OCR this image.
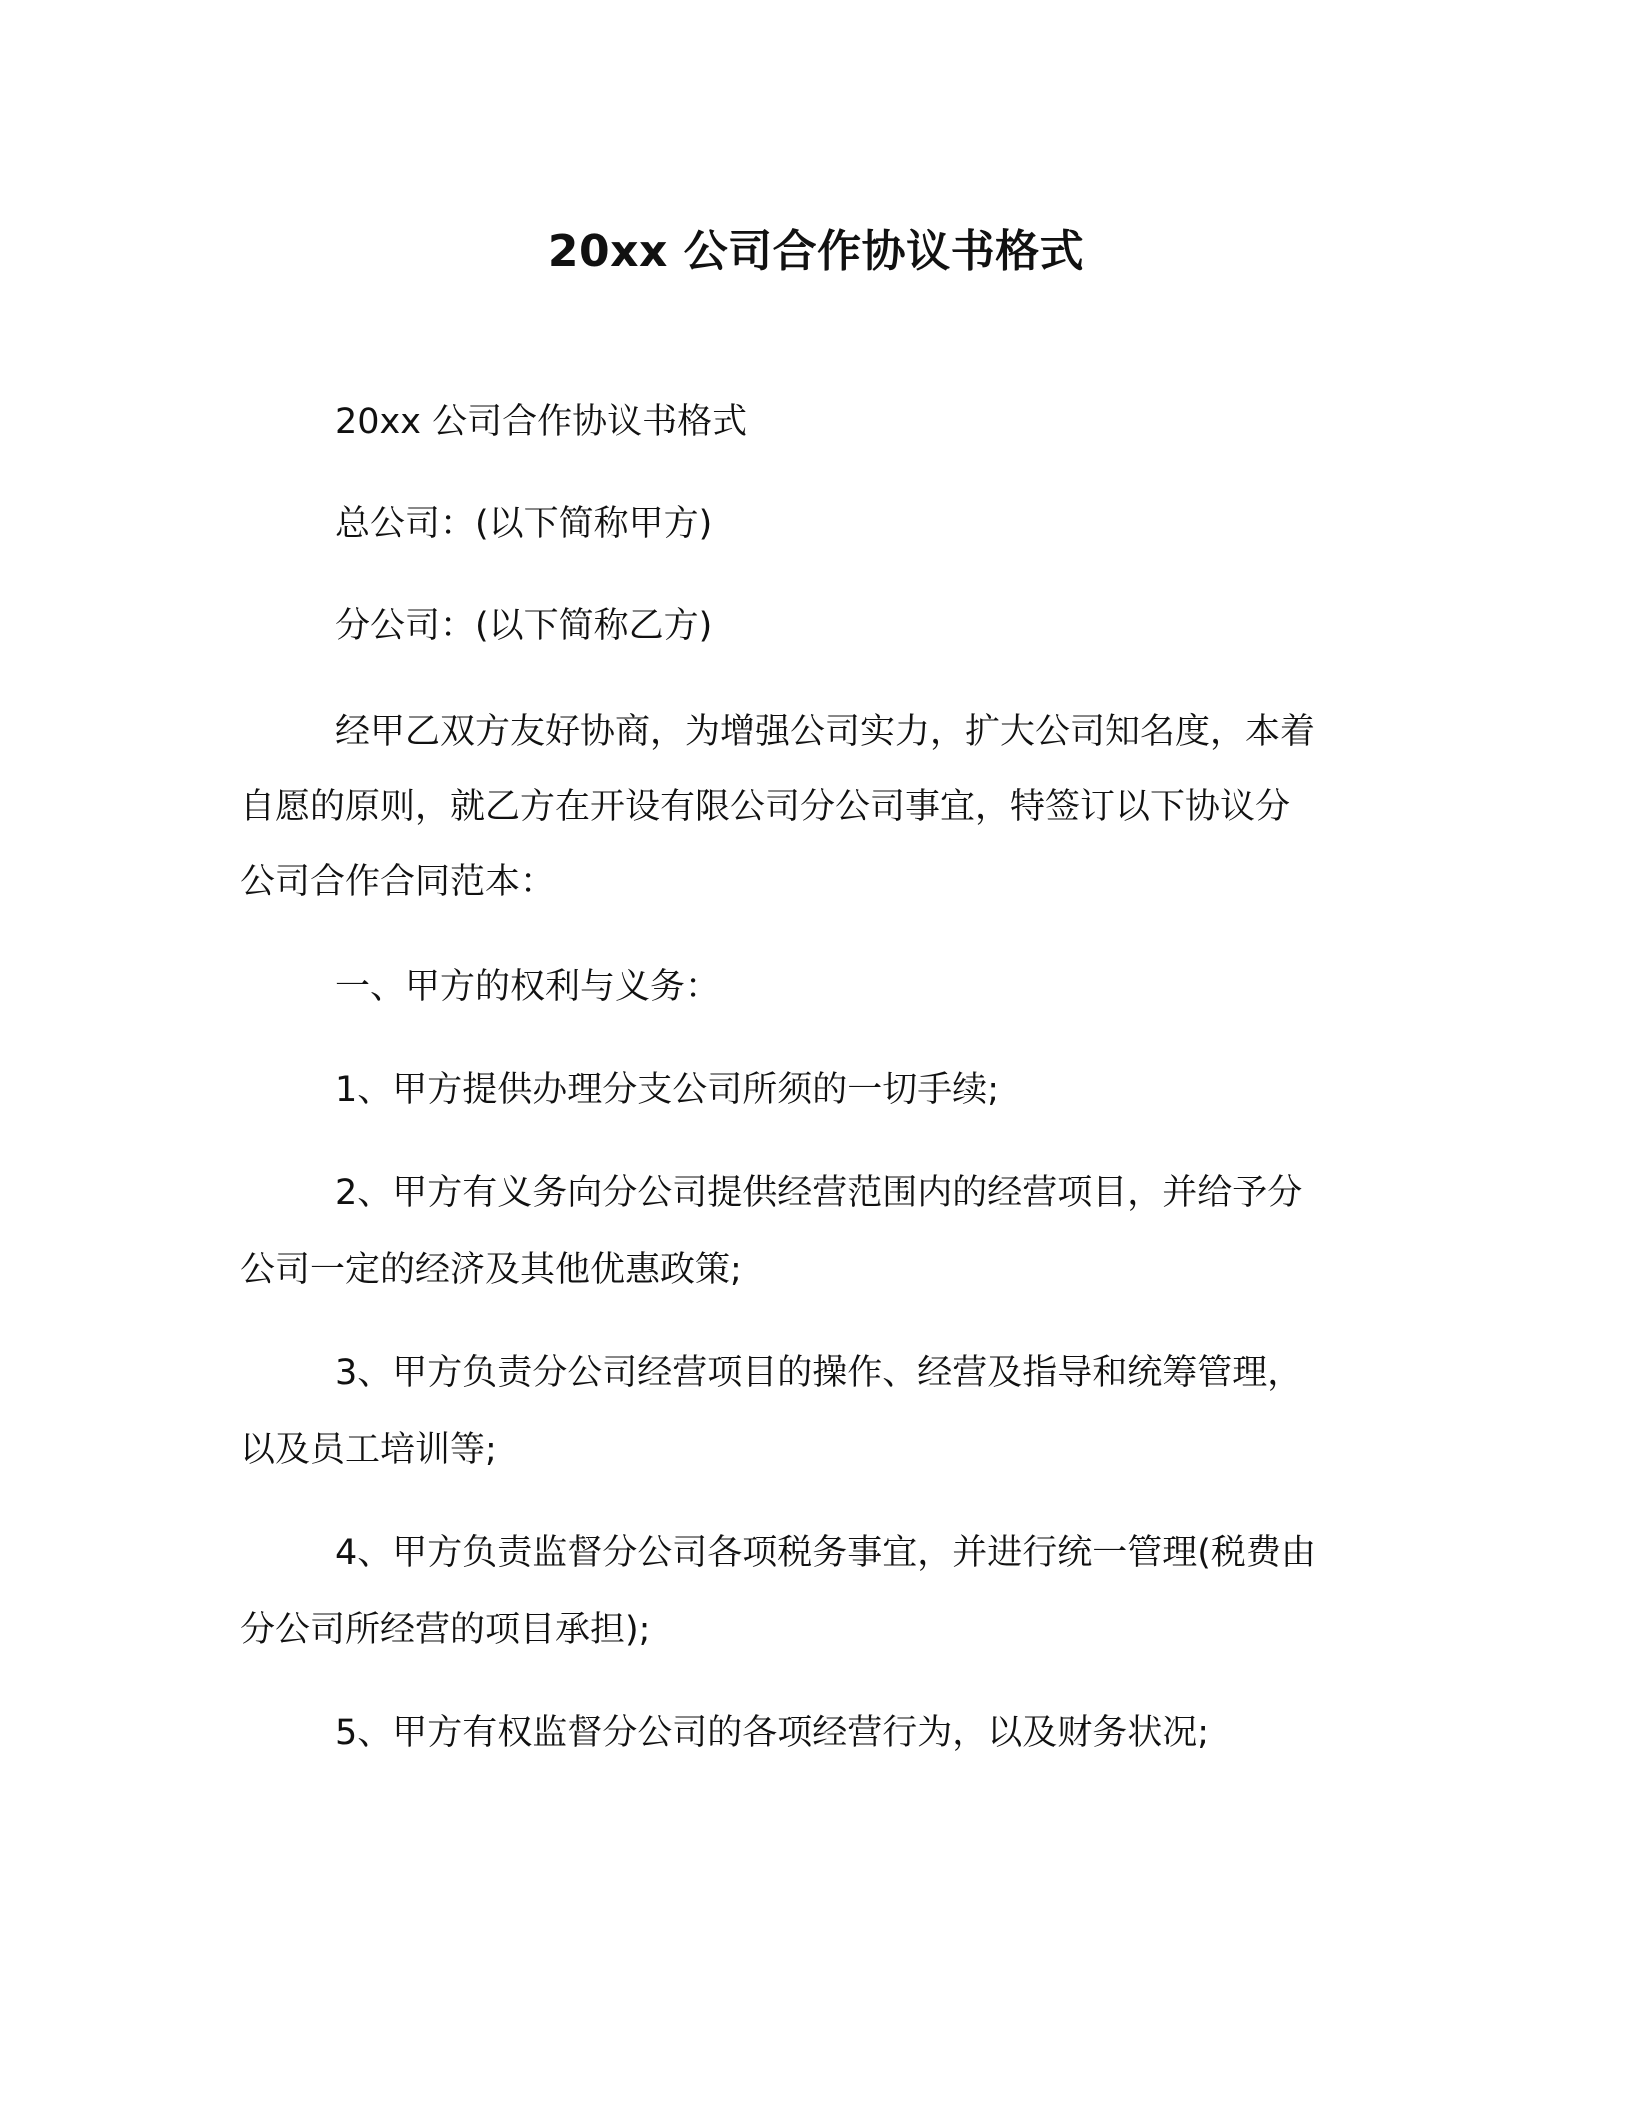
20xx 公司合作协议书格式
20xx 公司合作协议书格式
总公司：(以下简称甲方)
分公司：(以下简称乙方)
经甲乙双方友好协商，为增强公司实力，扩大公司知名度，本着
自愿的原则，就乙方在开设有限公司分公司事宜，特签订以下协议分
公司合作合同范本：
一、甲方的权利与义务：
1、甲方提供办理分支公司所须的一切手续;
2、甲方有义务向分公司提供经营范围内的经营项目，并给予分
公司一定的经济及其他优惠政策;
3、甲方负责分公司经营项目的操作、经营及指导和统筹管理，
以及员工培训等;
4、甲方负责监督分公司各项税务事宜，并进行统一管理(税费由
分公司所经营的项目承担);
5、甲方有权监督分公司的各项经营行为，以及财务状况;
